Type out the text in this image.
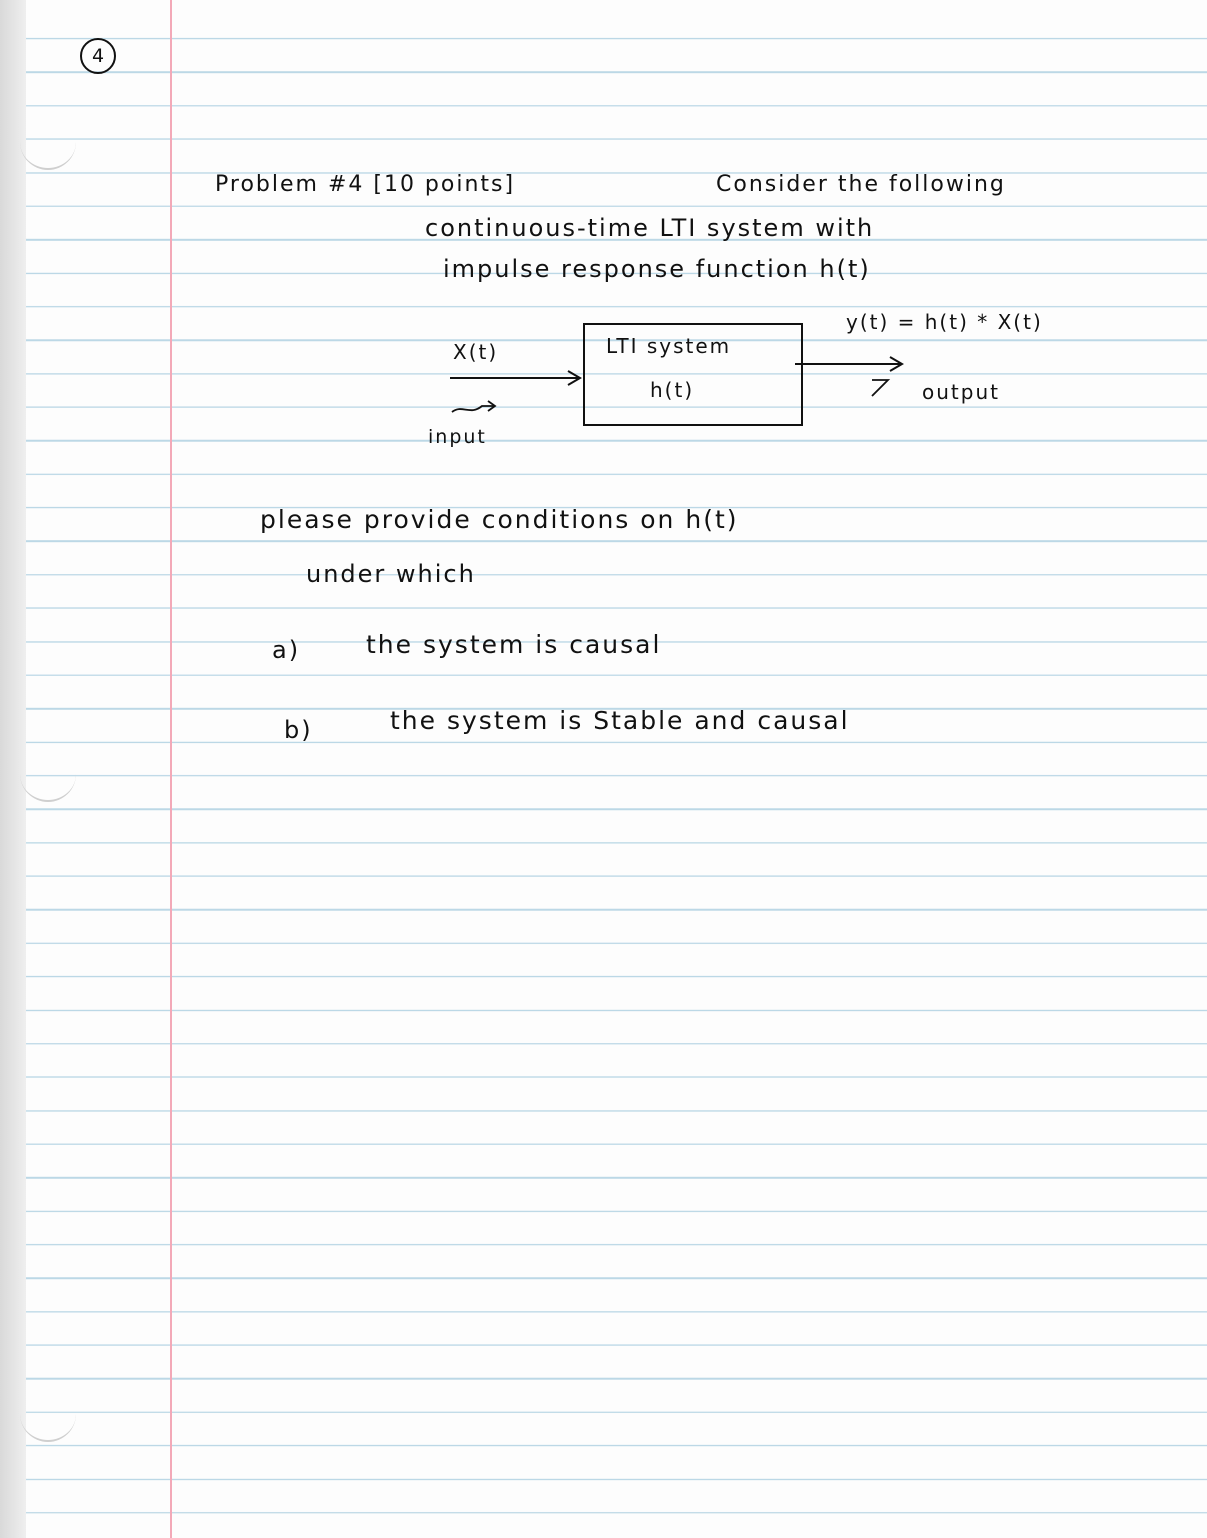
4

Problem #4 [10 points]	Consider the following

continuous-time LTI system with

impulse response function h(t)

X(t)

input

LTI system

h(t)

y(t) = h(t) * X(t)

output

please provide conditions on h(t)

under which

a)	the system is causal

b)	the system is Stable and causal
